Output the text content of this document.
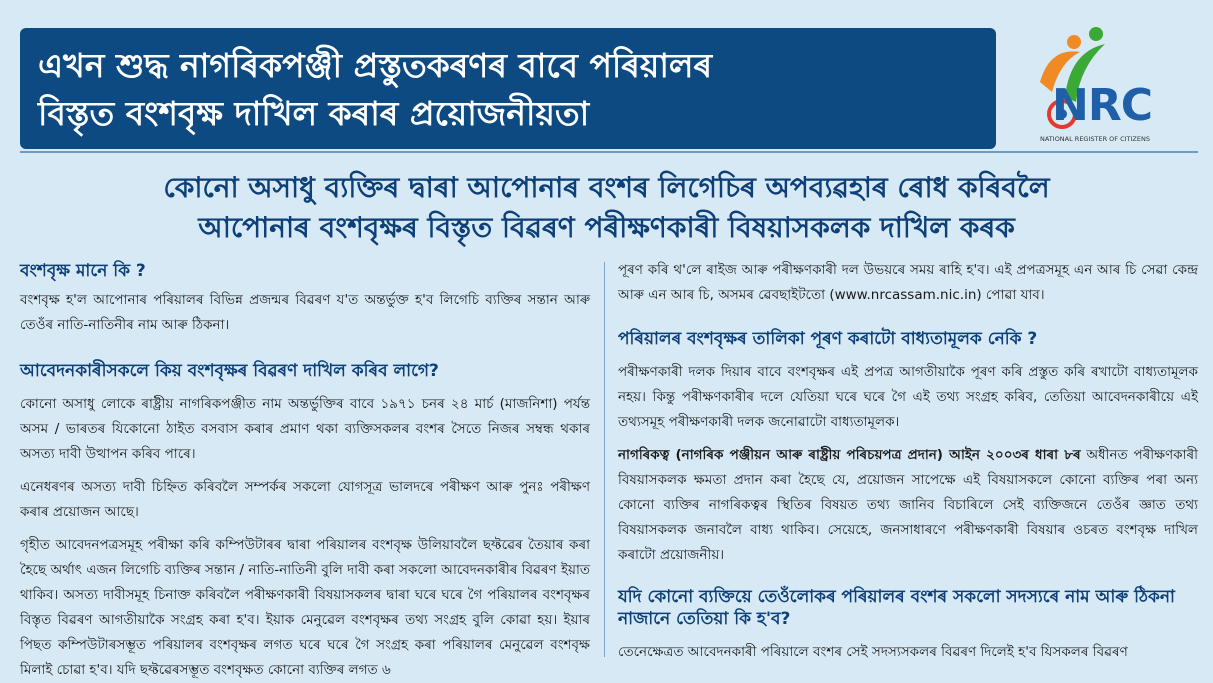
এখন শুদ্ধ নাগৰিকপঞ্জী প্ৰস্তুতকৰণৰ বাবে পৰিয়ালৰ
বিস্তৃত বংশবৃক্ষ দাখিল কৰাৰ প্ৰয়োজনীয়তা	NRC
NATIONAL REGISTER OF CITIZENS
কোনো অসাধু ব্যক্তিৰ দ্বাৰা আপোনাৰ বংশৰ লিগেচিৰ অপব্যৱহাৰ ৰোধ কৰিবলৈ
আপোনাৰ বংশবৃক্ষৰ বিস্তৃত বিৱৰণ পৰীক্ষণকাৰী বিষয়াসকলক দাখিল কৰক

বংশবৃক্ষ মানে কি ?

বংশবৃক্ষ হ'ল আপোনাৰ পৰিয়ালৰ বিভিন্ন প্ৰজন্মৰ বিৱৰণ য'ত অন্তৰ্ভুক্ত হ'ব লিগেচি ব্যক্তিৰ সন্তান আৰু তেওঁৰ নাতি-নাতিনীৰ নাম আৰু ঠিকনা।

আবেদনকাৰীসকলে কিয় বংশবৃক্ষৰ বিৱৰণ দাখিল কৰিব লাগে?

কোনো অসাধু লোকে ৰাষ্ট্ৰীয় নাগৰিকপঞ্জীত নাম অন্তৰ্ভুক্তিৰ বাবে ১৯৭১ চনৰ ২৪ মাৰ্চ (মাজনিশা) পৰ্যন্ত অসম / ভাৰতৰ যিকোনো ঠাইত বসবাস কৰাৰ প্ৰমাণ থকা ব্যক্তিসকলৰ বংশৰ সৈতে নিজৰ সম্বন্ধ থকাৰ অসত্য দাবী উত্থাপন কৰিব পাৰে।

এনেধৰণৰ অসত্য দাবী চিহ্নিত কৰিবলৈ সম্পৰ্কৰ সকলো যোগসূত্ৰ ভালদৰে পৰীক্ষণ আৰু পুনঃ পৰীক্ষণ কৰাৰ প্ৰয়োজন আছে।

গৃহীত আবেদনপত্ৰসমূহ পৰীক্ষা কৰি কম্পিউটাৰৰ দ্বাৰা পৰিয়ালৰ বংশবৃক্ষ উলিয়াবলৈ ছফ্টৱেৰ তৈয়াৰ কৰা হৈছে অৰ্থাৎ এজন লিগেচি ব্যক্তিৰ সন্তান / নাতি-নাতিনী বুলি দাবী কৰা সকলো আবেদনকাৰীৰ বিৱৰণ ইয়াত থাকিব। অসত্য দাবীসমূহ চিনাক্ত কৰিবলৈ পৰীক্ষণকাৰী বিষয়াসকলৰ দ্বাৰা ঘৰে ঘৰে গৈ পৰিয়ালৰ বংশবৃক্ষৰ বিস্তৃত বিৱৰণ আগতীয়াকৈ সংগ্ৰহ কৰা হ'ব। ইয়াক মেনুৱেল বংশবৃক্ষৰ তথ্য সংগ্ৰহ বুলি কোৱা হয়। ইয়াৰ পিছত কম্পিউটাৰসম্ভূত পৰিয়ালৰ বংশবৃক্ষৰ লগত ঘৰে ঘৰে গৈ সংগ্ৰহ কৰা পৰিয়ালৰ মেনুৱেল বংশবৃক্ষ মিলাই চোৱা হ'ব। যদি ছফ্টৱেৰসম্ভূত বংশবৃক্ষত কোনো ব্যক্তিৰ লগত ৬

পূৰণ কৰি থ'লে ৰাইজ আৰু পৰীক্ষণকাৰী দল উভয়ৰে সময় ৰাহি হ'ব। এই প্ৰপত্ৰসমূহ এন আৰ চি সেৱা কেন্দ্ৰ আৰু এন আৰ চি, অসমৰ ৱেবছাইটতো (www.nrcassam.nic.in) পোৱা যাব।

পৰিয়ালৰ বংশবৃক্ষৰ তালিকা পূৰণ কৰাটো বাধ্যতামূলক নেকি ?

পৰীক্ষণকাৰী দলক দিয়াৰ বাবে বংশবৃক্ষৰ এই প্ৰপত্ৰ আগতীয়াকৈ পূৰণ কৰি প্ৰস্তুত কৰি ৰখাটো বাধ্যতামূলক নহয়। কিন্তু পৰীক্ষণকাৰীৰ দলে যেতিয়া ঘৰে ঘৰে গৈ এই তথ্য সংগ্ৰহ কৰিব, তেতিয়া আবেদনকাৰীয়ে এই তথ্যসমূহ পৰীক্ষণকাৰী দলক জনোৱাটো বাধ্যতামূলক।

নাগৰিকত্ব (নাগৰিক পঞ্জীয়ন আৰু ৰাষ্ট্ৰীয় পৰিচয়পত্ৰ প্ৰদান) আইন ২০০৩ৰ ধাৰা ৮ৰ অধীনত পৰীক্ষণকাৰী বিষয়াসকলক ক্ষমতা প্ৰদান কৰা হৈছে যে, প্ৰয়োজন সাপেক্ষে এই বিষয়াসকলে কোনো ব্যক্তিৰ পৰা অন্য কোনো ব্যক্তিৰ নাগৰিকত্বৰ স্থিতিৰ বিষয়ত তথ্য জানিব বিচাৰিলে সেই ব্যক্তিজনে তেওঁৰ জ্ঞাত তথ্য বিষয়াসকলক জনাবলৈ বাধ্য থাকিব। সেয়েহে, জনসাধাৰণে পৰীক্ষণকাৰী বিষয়াৰ ওচৰত বংশবৃক্ষ দাখিল কৰাটো প্ৰয়োজনীয়।

যদি কোনো ব্যক্তিয়ে তেওঁলোকৰ পৰিয়ালৰ বংশৰ সকলো সদস্যৰে নাম আৰু ঠিকনা নাজানে তেতিয়া কি হ'ব?

তেনেক্ষেত্ৰত আবেদনকাৰী পৰিয়ালে বংশৰ সেই সদস্যসকলৰ বিৱৰণ দিলেই হ'ব যিসকলৰ বিৱৰণ
